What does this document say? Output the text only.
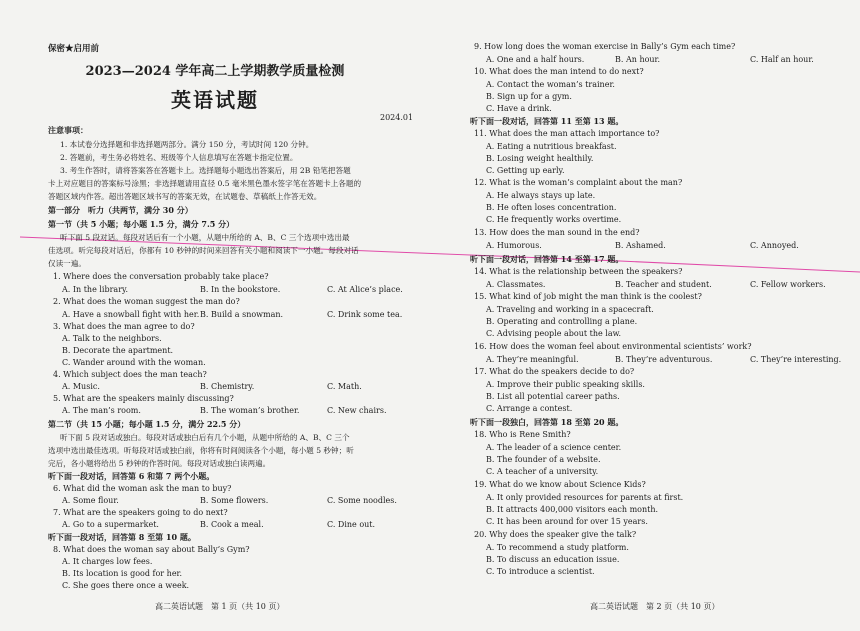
保密★启用前
2023—2024 学年高二上学期教学质量检测
英语试题
2024.01
注意事项：
1. 本试卷分选择题和非选择题两部分。满分 150 分，考试时间 120 分钟。
2. 答题前，考生务必将姓名、班级等个人信息填写在答题卡指定位置。
3. 考生作答时，请将答案答在答题卡上。选择题每小题选出答案后，用 2B 铅笔把答题
卡上对应题目的答案标号涂黑；非选择题请用直径 0.5 毫米黑色墨水签字笔在答题卡上各题的
答题区域内作答。超出答题区域书写的答案无效，在试题卷、草稿纸上作答无效。
第一部分　听力（共两节，满分 30 分）
第一节（共 5 小题；每小题 1.5 分，满分 7.5 分）
听下面 5 段对话。每段对话后有一个小题，从题中所给的 A、B、C 三个选项中选出最
佳选项。听完每段对话后，你都有 10 秒钟的时间来回答有关小题和阅读下一小题。每段对话
仅读一遍。
1. Where does the conversation probably take place?
A. In the library.	B. In the bookstore.	C. At Alice’s place.
2. What does the woman suggest the man do?
A. Have a snowball fight with her. B. Build a snowman.	C. Drink some tea.
3. What does the man agree to do?
A. Talk to the neighbors.
B. Decorate the apartment.
C. Wander around with the woman.
4. Which subject does the man teach?
A. Music.	B. Chemistry.	C. Math.
5. What are the speakers mainly discussing?
A. The man’s room.	B. The woman’s brother.	C. New chairs.
第二节（共 15 小题；每小题 1.5 分，满分 22.5 分）
听下面 5 段对话或独白。每段对话或独白后有几个小题，从题中所给的 A、B、C 三个
选项中选出最佳选项。听每段对话或独白前，你将有时间阅读各个小题，每小题 5 秒钟；听
完后，各小题将给出 5 秒钟的作答时间。每段对话或独白读两遍。
听下面一段对话，回答第 6 和第 7 两个小题。
6. What did the woman ask the man to buy?
A. Some flour.	B. Some flowers.	C. Some noodles.
7. What are the speakers going to do next?
A. Go to a supermarket.	B. Cook a meal.	C. Dine out.
听下面一段对话，回答第 8 至第 10 题。
8. What does the woman say about Bally’s Gym?
A. It charges low fees.
B. Its location is good for her.
C. She goes there once a week.
高二英语试题　第 1 页（共 10 页）
9. How long does the woman exercise in Bally’s Gym each time?
A. One and a half hours.	B. An hour.	C. Half an hour.
10. What does the man intend to do next?
A. Contact the woman’s trainer.
B. Sign up for a gym.
C. Have a drink.
听下面一段对话，回答第 11 至第 13 题。
11. What does the man attach importance to?
A. Eating a nutritious breakfast.
B. Losing weight healthily.
C. Getting up early.
12. What is the woman’s complaint about the man?
A. He always stays up late.
B. He often loses concentration.
C. He frequently works overtime.
13. How does the man sound in the end?
A. Humorous.	B. Ashamed.	C. Annoyed.
听下面一段对话，回答第 14 至第 17 题。
14. What is the relationship between the speakers?
A. Classmates.	B. Teacher and student.	C. Fellow workers.
15. What kind of job might the man think is the coolest?
A. Traveling and working in a spacecraft.
B. Operating and controlling a plane.
C. Advising people about the law.
16. How does the woman feel about environmental scientists’ work?
A. They’re meaningful.	B. They’re adventurous.	C. They’re interesting.
17. What do the speakers decide to do?
A. Improve their public speaking skills.
B. List all potential career paths.
C. Arrange a contest.
听下面一段独白，回答第 18 至第 20 题。
18. Who is Rene Smith?
A. The leader of a science center.
B. The founder of a website.
C. A teacher of a university.
19. What do we know about Science Kids?
A. It only provided resources for parents at first.
B. It attracts 400,000 visitors each month.
C. It has been around for over 15 years.
20. Why does the speaker give the talk?
A. To recommend a study platform.
B. To discuss an education issue.
C. To introduce a scientist.
高二英语试题　第 2 页（共 10 页）
